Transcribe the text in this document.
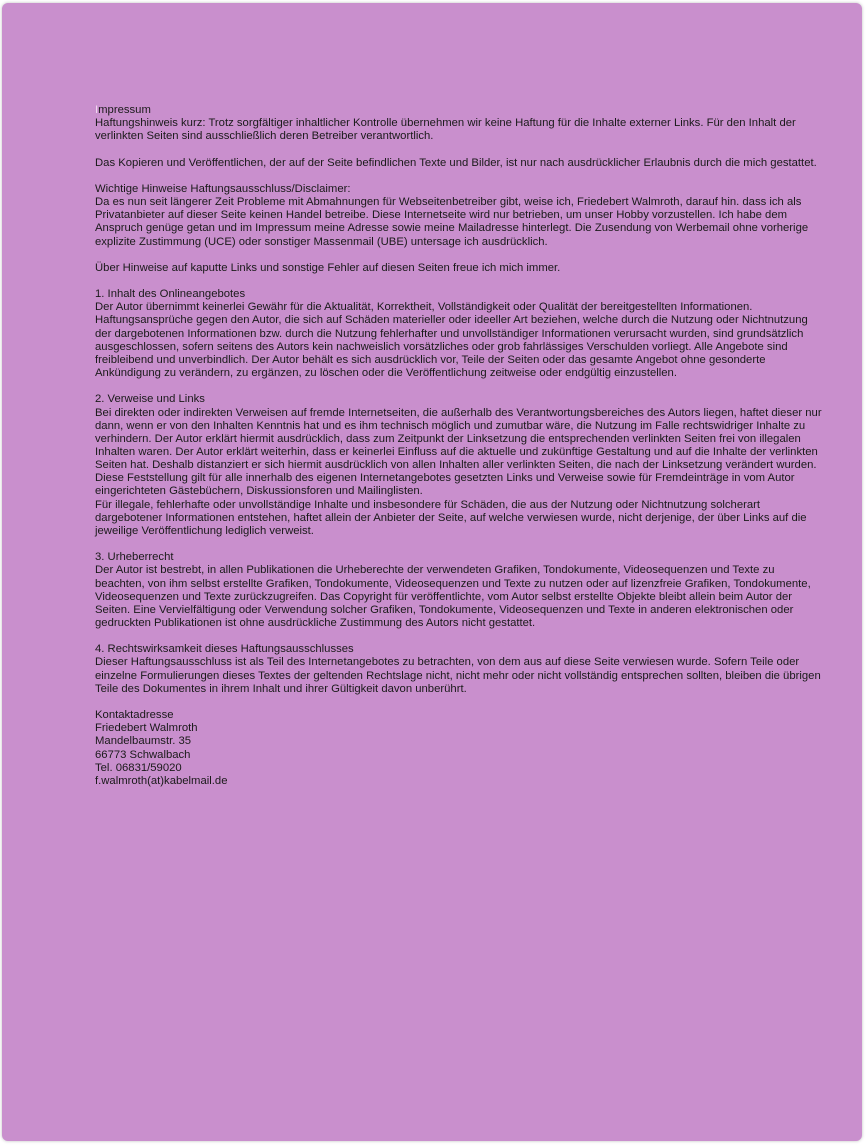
Impressum
Haftungshinweis kurz: Trotz sorgfältiger inhaltlicher Kontrolle übernehmen wir keine Haftung für die Inhalte externer Links. Für den Inhalt der verlinkten Seiten sind ausschließlich deren Betreiber verantwortlich.

Das Kopieren und Veröffentlichen, der auf der Seite befindlichen Texte und Bilder, ist nur nach ausdrücklicher Erlaubnis durch die mich gestattet.

Wichtige Hinweise Haftungsausschluss/Disclaimer:
Da es nun seit längerer Zeit Probleme mit Abmahnungen für Webseitenbetreiber gibt, weise ich, Friedebert Walmroth, darauf hin. dass ich als Privatanbieter auf dieser Seite keinen Handel betreibe. Diese Internetseite wird nur betrieben, um unser Hobby vorzustellen. Ich habe dem Anspruch genüge getan und im Impressum meine Adresse sowie meine Mailadresse hinterlegt. Die Zusendung von Werbemail ohne vorherige explizite Zustimmung (UCE) oder sonstiger Massenmail (UBE) untersage ich ausdrücklich.

Über Hinweise auf kaputte Links und sonstige Fehler auf diesen Seiten freue ich mich immer.

1. Inhalt des Onlineangebotes
Der Autor übernimmt keinerlei Gewähr für die Aktualität, Korrektheit, Vollständigkeit oder Qualität der bereitgestellten Informationen. Haftungsansprüche gegen den Autor, die sich auf Schäden materieller oder ideeller Art beziehen, welche durch die Nutzung oder Nichtnutzung der dargebotenen Informationen bzw. durch die Nutzung fehlerhafter und unvollständiger Informationen verursacht wurden, sind grundsätzlich ausgeschlossen, sofern seitens des Autors kein nachweislich vorsätzliches oder grob fahrlässiges Verschulden vorliegt. Alle Angebote sind freibleibend und unverbindlich. Der Autor behält es sich ausdrücklich vor, Teile der Seiten oder das gesamte Angebot ohne gesonderte Ankündigung zu verändern, zu ergänzen, zu löschen oder die Veröffentlichung zeitweise oder endgültig einzustellen.

2. Verweise und Links
Bei direkten oder indirekten Verweisen auf fremde Internetseiten, die außerhalb des Verantwortungsbereiches des Autors liegen, haftet dieser nur dann, wenn er von den Inhalten Kenntnis hat und es ihm technisch möglich und zumutbar wäre, die Nutzung im Falle rechtswidriger Inhalte zu verhindern. Der Autor erklärt hiermit ausdrücklich, dass zum Zeitpunkt der Linksetzung die entsprechenden verlinkten Seiten frei von illegalen Inhalten waren. Der Autor erklärt weiterhin, dass er keinerlei Einfluss auf die aktuelle und zukünftige Gestaltung und auf die Inhalte der verlinkten Seiten hat. Deshalb distanziert er sich hiermit ausdrücklich von allen Inhalten aller verlinkten Seiten, die nach der Linksetzung verändert wurden.
Diese Feststellung gilt für alle innerhalb des eigenen Internetangebotes gesetzten Links und Verweise sowie für Fremdeinträge in vom Autor eingerichteten Gästebüchern, Diskussionsforen und Mailinglisten.
Für illegale, fehlerhafte oder unvollständige Inhalte und insbesondere für Schäden, die aus der Nutzung oder Nichtnutzung solcherart dargebotener Informationen entstehen, haftet allein der Anbieter der Seite, auf welche verwiesen wurde, nicht derjenige, der über Links auf die jeweilige Veröffentlichung lediglich verweist.

3. Urheberrecht
Der Autor ist bestrebt, in allen Publikationen die Urheberechte der verwendeten Grafiken, Tondokumente, Videosequenzen und Texte zu beachten, von ihm selbst erstellte Grafiken, Tondokumente, Videosequenzen und Texte zu nutzen oder auf lizenzfreie Grafiken, Tondokumente, Videosequenzen und Texte zurückzugreifen. Das Copyright für veröffentlichte, vom Autor selbst erstellte Objekte bleibt allein beim Autor der Seiten. Eine Vervielfältigung oder Verwendung solcher Grafiken, Tondokumente, Videosequenzen und Texte in anderen elektronischen oder gedruckten Publikationen ist ohne ausdrückliche Zustimmung des Autors nicht gestattet.

4. Rechtswirksamkeit dieses Haftungsausschlusses
Dieser Haftungsausschluss ist als Teil des Internetangebotes zu betrachten, von dem aus auf diese Seite verwiesen wurde. Sofern Teile oder einzelne Formulierungen dieses Textes der geltenden Rechtslage nicht, nicht mehr oder nicht vollständig entsprechen sollten, bleiben die übrigen Teile des Dokumentes in ihrem Inhalt und ihrer Gültigkeit davon unberührt.

Kontaktadresse
Friedebert Walmroth
Mandelbaumstr. 35
66773 Schwalbach
Tel. 06831/59020
f.walmroth(at)kabelmail.de
